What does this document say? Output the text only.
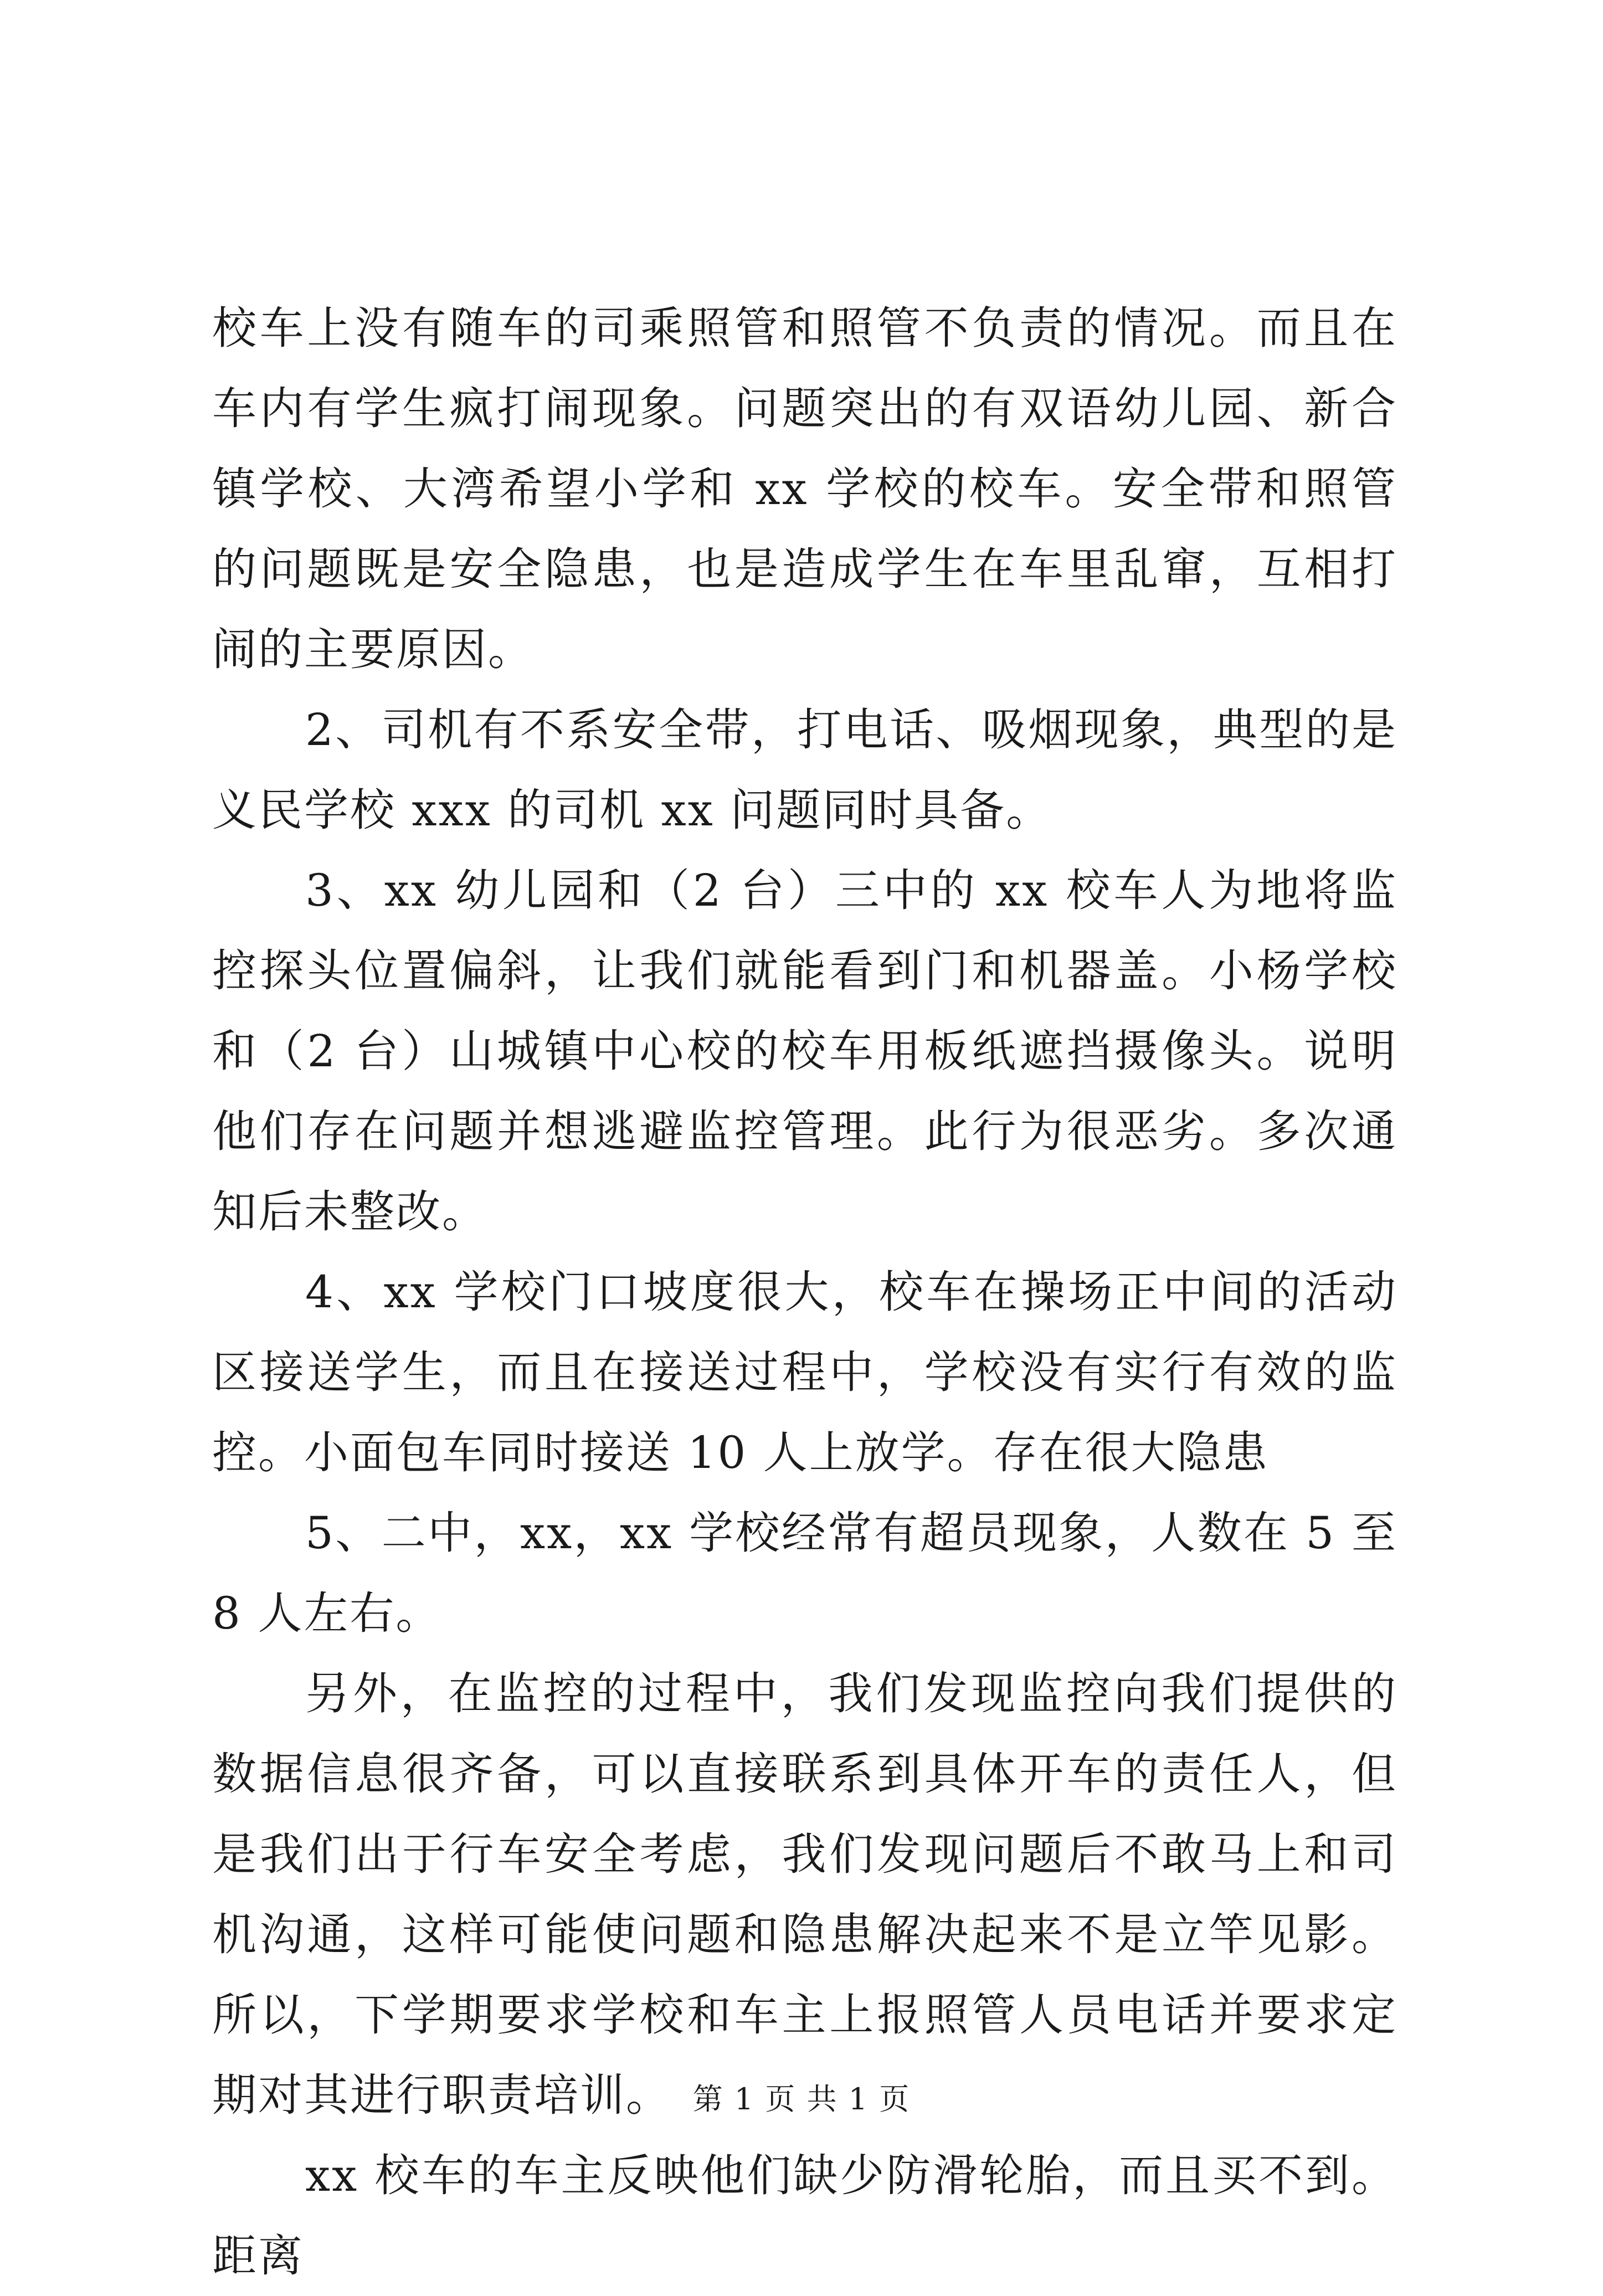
校车上没有随车的司乘照管和照管不负责的情况。而且在车内有学生疯打闹现象。问题突出的有双语幼儿园、新合镇学校、大湾希望小学和 xx 学校的校车。安全带和照管的问题既是安全隐患，也是造成学生在车里乱窜，互相打闹的主要原因。

2、司机有不系安全带，打电话、吸烟现象，典型的是义民学校 xxx 的司机 xx 问题同时具备。

3、xx 幼儿园和（2 台）三中的 xx 校车人为地将监控探头位置偏斜，让我们就能看到门和机器盖。小杨学校和（2 台）山城镇中心校的校车用板纸遮挡摄像头。说明他们存在问题并想逃避监控管理。此行为很恶劣。多次通知后未整改。

4、xx 学校门口坡度很大，校车在操场正中间的活动区接送学生，而且在接送过程中，学校没有实行有效的监控。小面包车同时接送 10 人上放学。存在很大隐患

5、二中，xx，xx 学校经常有超员现象，人数在 5 至 8 人左右。

另外，在监控的过程中，我们发现监控向我们提供的数据信息很齐备，可以直接联系到具体开车的责任人，但是我们出于行车安全考虑，我们发现问题后不敢马上和司机沟通，这样可能使问题和隐患解决起来不是立竿见影。所以，下学期要求学校和车主上报照管人员电话并要求定期对其进行职责培训。

xx 校车的车主反映他们缺少防滑轮胎，而且买不到。距离

第 1 页 共 1 页
